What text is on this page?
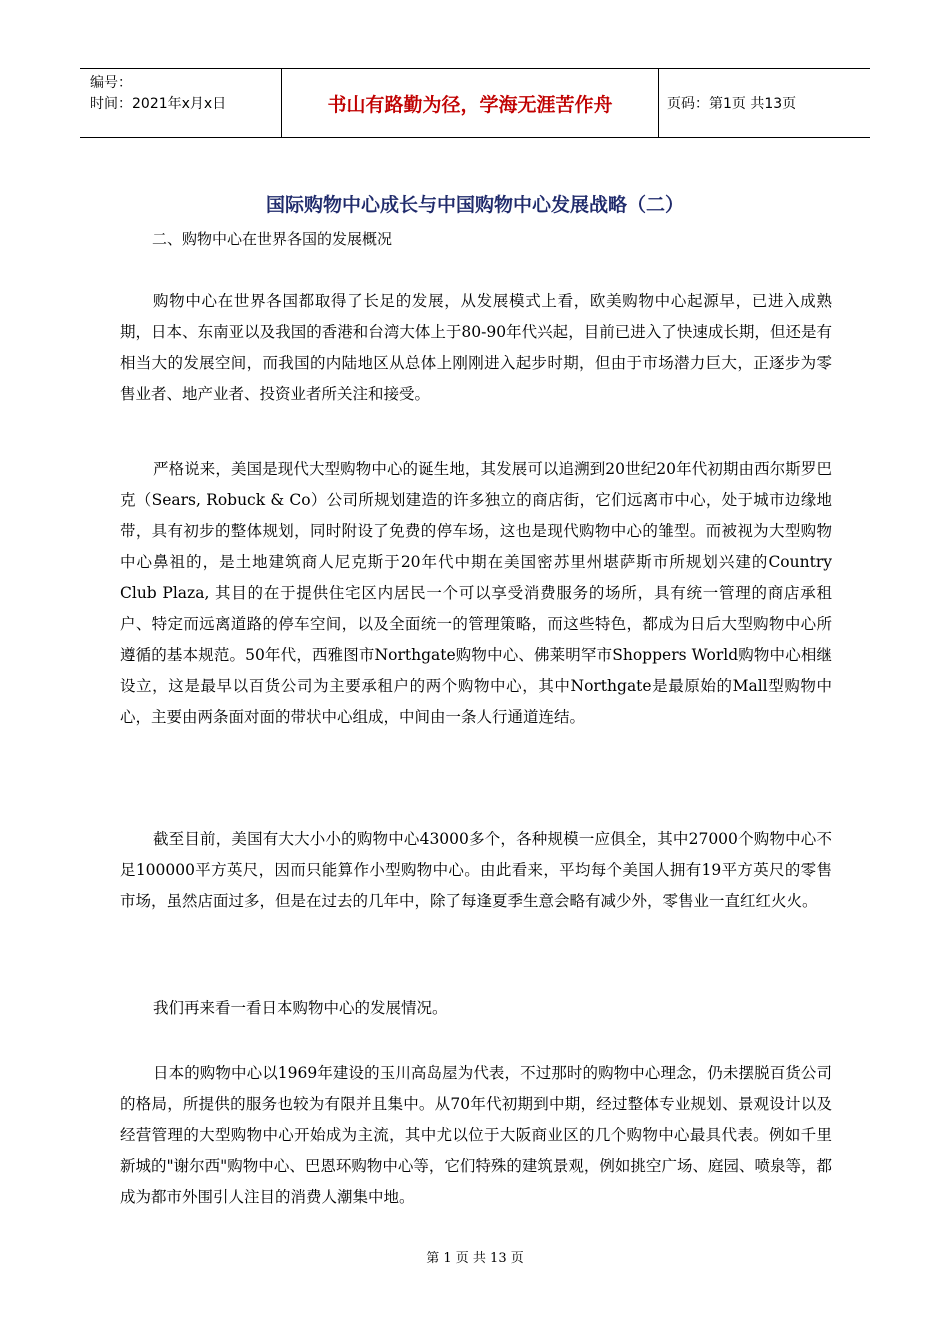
编号：
时间：2021年x月x日	书山有路勤为径，学海无涯苦作舟	页码：第1页 共13页
国际购物中心成长与中国购物中心发展战略（二）
二、购物中心在世界各国的发展概况
购物中心在世界各国都取得了长足的发展，从发展模式上看，欧美购物中心起源早，已进入成熟期，日本、东南亚以及我国的香港和台湾大体上于80-90年代兴起，目前已进入了快速成长期，但还是有相当大的发展空间，而我国的内陆地区从总体上刚刚进入起步时期，但由于市场潜力巨大，正逐步为零售业者、地产业者、投资业者所关注和接受。
严格说来，美国是现代大型购物中心的诞生地，其发展可以追溯到20世纪20年代初期由西尔斯罗巴克（Sears, Robuck & Co）公司所规划建造的许多独立的商店街，它们远离市中心，处于城市边缘地带，具有初步的整体规划，同时附设了免费的停车场，这也是现代购物中心的雏型。而被视为大型购物中心鼻祖的，是土地建筑商人尼克斯于20年代中期在美国密苏里州堪萨斯市所规划兴建的Country Club Plaza, 其目的在于提供住宅区内居民一个可以享受消费服务的场所，具有统一管理的商店承租户、特定而远离道路的停车空间，以及全面统一的管理策略，而这些特色，都成为日后大型购物中心所遵循的基本规范。50年代，西雅图市Northgate购物中心、佛莱明罕市Shoppers World购物中心相继设立，这是最早以百货公司为主要承租户的两个购物中心，其中Northgate是最原始的Mall型购物中心，主要由两条面对面的带状中心组成，中间由一条人行通道连结。
截至目前，美国有大大小小的购物中心43000多个，各种规模一应俱全，其中27000个购物中心不足100000平方英尺，因而只能算作小型购物中心。由此看来，平均每个美国人拥有19平方英尺的零售市场，虽然店面过多，但是在过去的几年中，除了每逢夏季生意会略有减少外，零售业一直红红火火。
我们再来看一看日本购物中心的发展情况。
日本的购物中心以1969年建设的玉川高岛屋为代表，不过那时的购物中心理念，仍未摆脱百货公司的格局，所提供的服务也较为有限并且集中。从70年代初期到中期，经过整体专业规划、景观设计以及经营管理的大型购物中心开始成为主流，其中尤以位于大阪商业区的几个购物中心最具代表。例如千里新城的"谢尔西"购物中心、巴恩环购物中心等，它们特殊的建筑景观，例如挑空广场、庭园、喷泉等，都成为都市外围引人注目的消费人潮集中地。
第 1 页 共 13 页
